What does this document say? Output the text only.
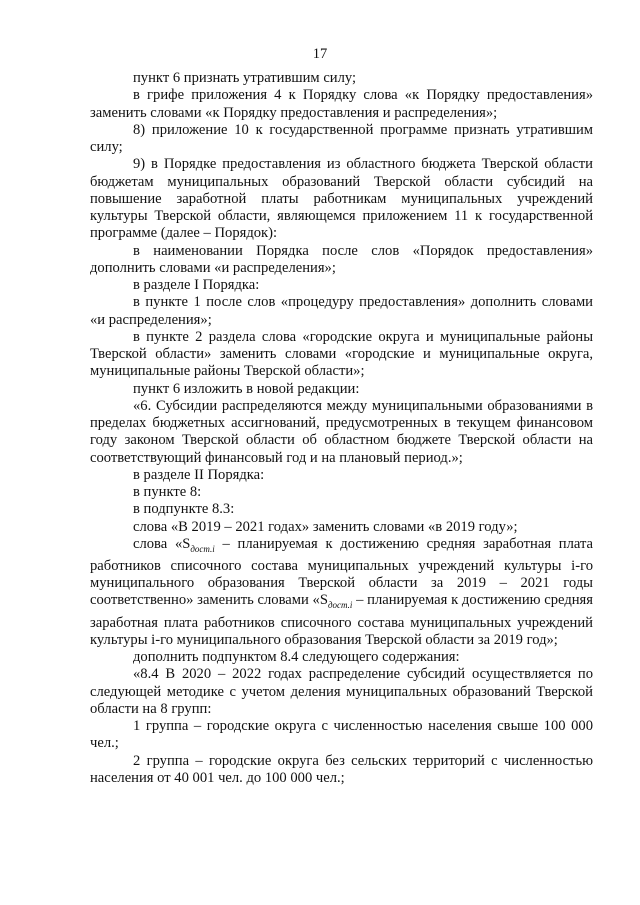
17

пункт 6 признать утратившим силу;

в грифе приложения 4 к Порядку слова «к Порядку предоставления» заменить словами «к Порядку предоставления и распределения»;

8) приложение 10 к государственной программе признать утратившим силу;

9) в Порядке предоставления из областного бюджета Тверской области бюджетам муниципальных образований Тверской области субсидий на повышение заработной платы работникам муниципальных учреждений культуры Тверской области, являющемся приложением 11 к государственной программе (далее – Порядок):

в наименовании Порядка после слов «Порядок предоставления» дополнить словами «и распределения»;

в разделе I Порядка:

в пункте 1 после слов «процедуру предоставления» дополнить словами «и распределения»;

в пункте 2 раздела слова «городские округа и муниципальные районы Тверской области» заменить словами «городские и муниципальные округа, муниципальные районы Тверской области»;

пункт 6 изложить в новой редакции:

«6. Субсидии распределяются между муниципальными образованиями в пределах бюджетных ассигнований, предусмотренных в текущем финансовом году законом Тверской области об областном бюджете Тверской области на соответствующий финансовый год и на плановый период.»;

в разделе II Порядка:

в пункте 8:

в подпункте 8.3:

слова «В 2019 – 2021 годах» заменить словами «в 2019 году»;

слова «$S_{дост.i}$ – планируемая к достижению средняя заработная плата работников списочного состава муниципальных учреждений культуры i-го муниципального образования Тверской области за 2019 – 2021 годы соответственно» заменить словами «$S_{дост.i}$ – планируемая к достижению средняя заработная плата работников списочного состава муниципальных учреждений культуры i-го муниципального образования Тверской области за 2019 год»;

дополнить подпунктом 8.4 следующего содержания:

«8.4 В 2020 – 2022 годах распределение субсидий осуществляется по следующей методике с учетом деления муниципальных образований Тверской области на 8 групп:

1 группа – городские округа с численностью населения свыше 100 000 чел.;

2 группа – городские округа без сельских территорий с численностью населения от 40 001 чел. до 100 000 чел.;
